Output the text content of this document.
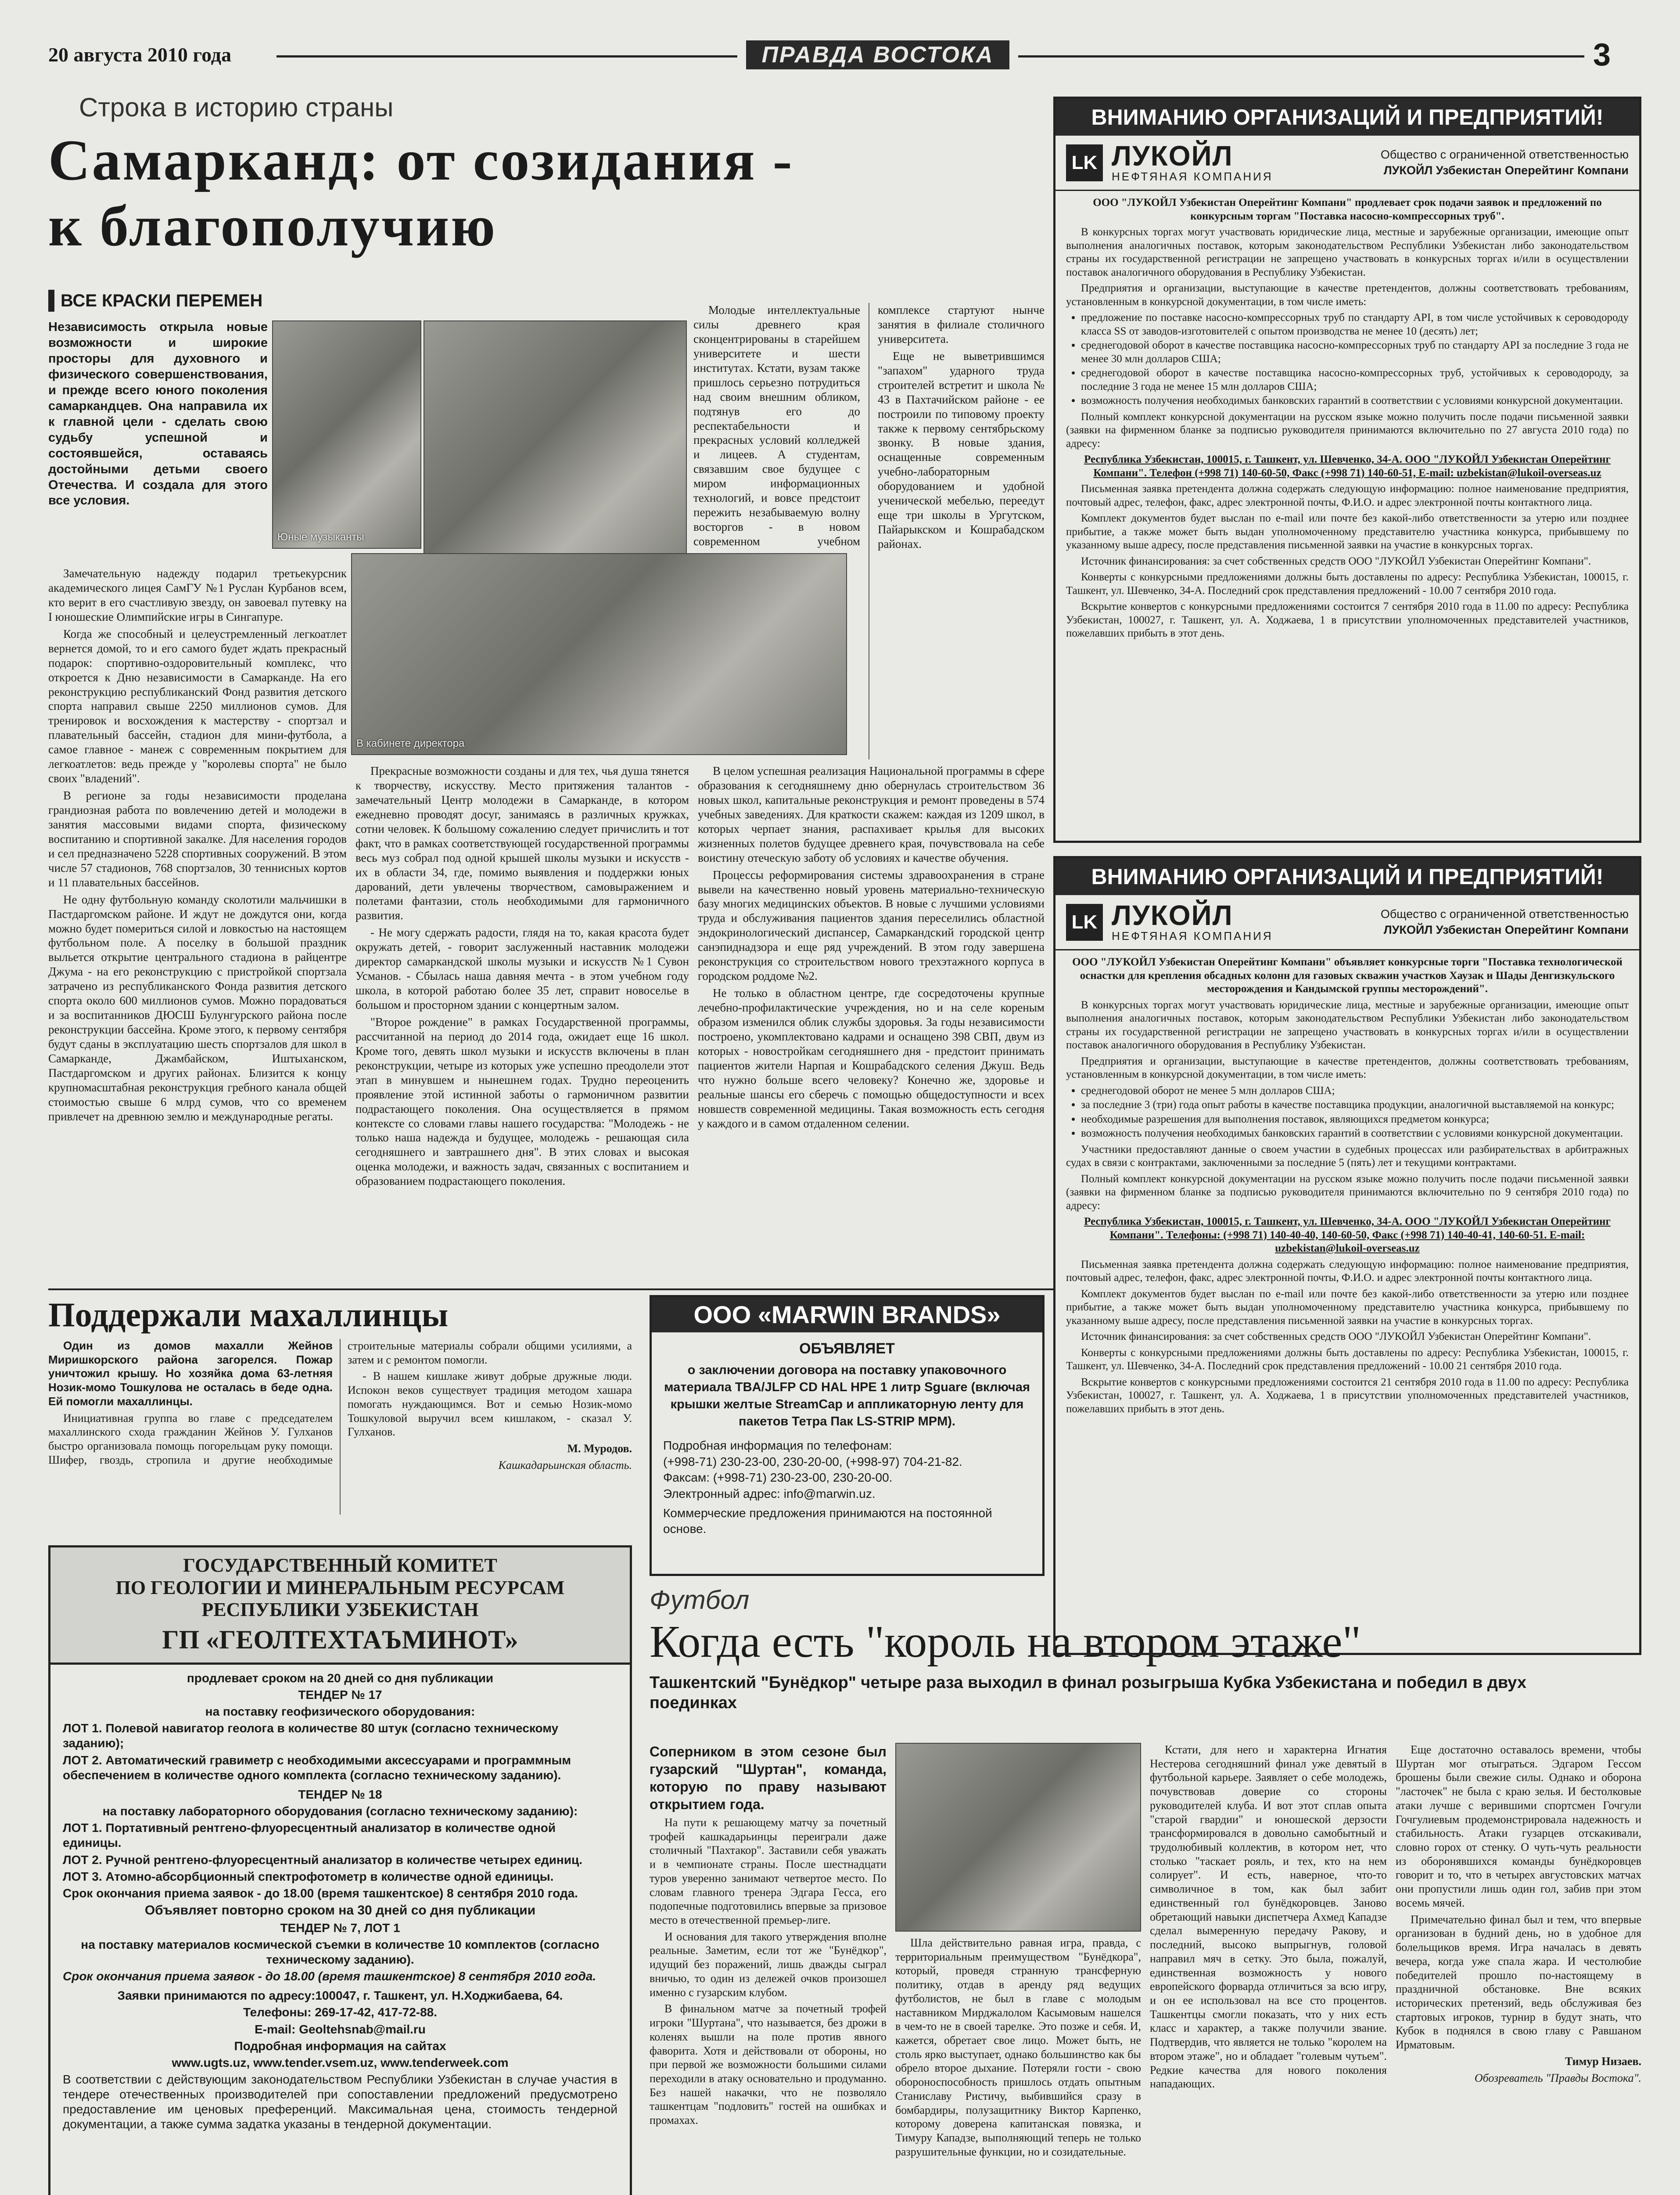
20 августа 2010 года	ПРАВДА ВОСТОКА	3
Строка в историю страны
Самарканд: от созидания -
к благополучию
ВСЕ КРАСКИ ПЕРЕМЕН
Независимость открыла новые возможности и широкие просторы для духовного и физического совершенствования, и прежде всего юного поколения самаркандцев. Она направила их к главной цели - сделать свою судьбу успешной и состоявшейся, оставаясь достойными детьми своего Отечества. И создала для этого все условия.
Юные музыканты
В кабинете директора

Молодые интеллектуальные силы древнего края сконцентрированы в старейшем университете и шести институтах. Кстати, вузам также пришлось серьезно потрудиться над своим внешним обликом, подтянув его до респектабельности и прекрасных условий колледжей и лицеев. А студентам, связавшим свое будущее с миром информационных технологий, и вовсе предстоит пережить незабываемую волну восторгов - в новом современном учебном комплексе стартуют нынче занятия в филиале столичного университета.

Еще не выветрившимся "запахом" ударного труда строителей встретит и школа № 43 в Пахтачийском районе - ее построили по типовому проекту также к первому сентябрьскому звонку. В новые здания, оснащенные современным учебно-лабораторным оборудованием и удобной ученической мебелью, переедут еще три школы в Ургутском, Пайарыкском и Кошрабадском районах.

Замечательную надежду подарил третьекурсник академического лицея СамГУ №1 Руслан Курбанов всем, кто верит в его счастливую звезду, он завоевал путевку на I юношеские Олимпийские игры в Сингапуре.

Когда же способный и целеустремленный легкоатлет вернется домой, то и его самого будет ждать прекрасный подарок: спортивно-оздоровительный комплекс, что откроется к Дню независимости в Самарканде. На его реконструкцию республиканский Фонд развития детского спорта направил свыше 2250 миллионов сумов. Для тренировок и восхождения к мастерству - спортзал и плавательный бассейн, стадион для мини-футбола, а самое главное - манеж с современным покрытием для легкоатлетов: ведь прежде у "королевы спорта" не было своих "владений".

В регионе за годы независимости проделана грандиозная работа по вовлечению детей и молодежи в занятия массовыми видами спорта, физическому воспитанию и спортивной закалке. Для населения городов и сел предназначено 5228 спортивных сооружений. В этом числе 57 стадионов, 768 спортзалов, 30 теннисных кортов и 11 плавательных бассейнов.

Не одну футбольную команду сколотили мальчишки в Пастдаргомском районе. И ждут не дождутся они, когда можно будет помериться силой и ловкостью на настоящем футбольном поле. А поселку в большой праздник выльется открытие центрального стадиона в райцентре Джума - на его реконструкцию с пристройкой спортзала затрачено из республиканского Фонда развития детского спорта около 600 миллионов сумов. Можно порадоваться и за воспитанников ДЮСШ Булунгурского района после реконструкции бассейна. Кроме этого, к первому сентября будут сданы в эксплуатацию шесть спортзалов для школ в Самаркандe, Джамбайском, Иштыханском, Пастдаргомском и других районах. Близится к концу крупномасштабная реконструкция гребного канала общей стоимостью свыше 6 млрд сумов, что со временем привлечет на древнюю землю и международные регаты.

Прекрасные возможности созданы и для тех, чья душа тянется к творчеству, искусству. Место притяжения талантов - замечательный Центр молодежи в Самарканде, в котором ежедневно проводят досуг, занимаясь в различных кружках, сотни человек. К большому сожалению следует причислить и тот факт, что в рамках соответствующей государственной программы весь муз собрал под одной крышей школы музыки и искусств - их в области 34, где, помимо выявления и поддержки юных дарований, дети увлечены творчеством, самовыражением и полетами фантазии, столь необходимыми для гармоничного развития.

- Не могу сдержать радости, глядя на то, какая красота будет окружать детей, - говорит заслуженный наставник молодежи директор самаркандской школы музыки и искусств №1 Сувон Усманов. - Сбылась наша давняя мечта - в этом учебном году школа, в которой работаю более 35 лет, справит новоселье в большом и просторном здании с концертным залом.

"Второе рождение" в рамках Государственной программы, рассчитанной на период до 2014 года, ожидает еще 16 школ. Кроме того, девять школ музыки и искусств включены в план реконструкции, четыре из которых уже успешно преодолели этот этап в минувшем и нынешнем годах. Трудно переоценить проявление этой истинной заботы о гармоничном развитии подрастающего поколения. Она осуществляется в прямом контексте со словами главы нашего государства: "Молодежь - не только наша надежда и будущее, молодежь - решающая сила сегодняшнего и завтрашнего дня". В этих словах и высокая оценка молодежи, и важность задач, связанных с воспитанием и образованием подрастающего поколения.

В целом успешная реализация Национальной программы в сфере образования к сегодняшнему дню обернулась строительством 36 новых школ, капитальные реконструкция и ремонт проведены в 574 учебных заведениях. Для краткости скажем: каждая из 1209 школ, в которых черпает знания, распахивает крылья для высоких жизненных полетов будущее древнего края, почувствовала на себе воистину отеческую заботу об условиях и качестве обучения.

Процессы реформирования системы здравоохранения в стране вывели на качественно новый уровень материально-техническую базу многих медицинских объектов. В новые с лучшими условиями труда и обслуживания пациентов здания переселились областной эндокринологический диспансер, Самаркандский городской центр санэпиднадзора и еще ряд учреждений. В этом году завершена реконструкция со строительством нового трехэтажного корпуса в городском роддоме №2.

Не только в областном центре, где сосредоточены крупные лечебно-профилактические учреждения, но и на селе кореным образом изменился облик службы здоровья. За годы независимости построено, укомплектовано кадрами и оснащено 398 СВП, двум из которых - новостройкам сегодняшнего дня - предстоит принимать пациентов жители Нарпая и Кошрабадского селения Джуш. Ведь что нужно больше всего человеку? Конечно же, здоровье и реальные шансы его сберечь с помощью общедоступности и всех новшеств современной медицины. Такая возможность есть сегодня у каждого и в самом отдаленном селении.

Поддержали махаллинцы

Один из домов махалли Жейнов Миришкорского района загорелся. Пожар уничтожил крышу. Но хозяйка дома 63-летняя Нозик-момо Тошкулова не осталась в беде одна. Ей помогли махаллинцы.

Инициативная группа во главе с председателем махаллинского схода гражданин Жейнов У. Гулханов быстро организовала помощь погорельцам руку помощи. Шифер, гвоздь, стропила и другие необходимые строительные материалы собрали общими усилиями, а затем и с ремонтом помогли.

- В нашем кишлаке живут добрые дружные люди. Испокон веков существует традиция методом хашара помогать нуждающимся. Вот и семью Нозик-момо Тошкуловой выручил всем кишлаком, - сказал У. Гулханов.

М. Муродов.

Кашкадарьинская область.

ООО «MARWIN BRANDS»
ОБЪЯВЛЯЕТ
о заключении договора на поставку упаковочного материала TBA/JLFP CD HAL HPE 1 литр Sguare (включая крышки желтые StreamCap и аппликаторную ленту для пакетов Тетра Пак LS-STRIP MPM).
Подробная информация по телефонам:
(+998-71) 230-23-00, 230-20-00, (+998-97) 704-21-82.
Факсам: (+998-71) 230-23-00, 230-20-00.
Электронный адрес: info@marwin.uz.
Коммерческие предложения принимаются на постоянной основе.
ГОСУДАРСТВЕННЫЙ КОМИТЕТ
ПО ГЕОЛОГИИ И МИНЕРАЛЬНЫМ РЕСУРСАМ
РЕСПУБЛИКИ УЗБЕКИСТАН
ГП «ГЕОЛТЕХТАЪМИНОТ»

продлевает сроком на 20 дней со дня публикации

ТЕНДЕР № 17

на поставку геофизического оборудования:

ЛОТ 1. Полевой навигатор геолога в количестве 80 штук (согласно техническому заданию);

ЛОТ 2. Автоматический гравиметр с необходимыми аксессуарами и программным обеспечением в количестве одного комплекта (согласно техническому заданию).

ТЕНДЕР № 18

на поставку лабораторного оборудования (согласно техническому заданию):

ЛОТ 1. Портативный рентгено-флуоресцентный анализатор в количестве одной единицы.

ЛОТ 2. Ручной рентгено-флуоресцентный анализатор в количестве четырех единиц.

ЛОТ 3. Атомно-абсорбционный спектрофотометр в количестве одной единицы.

Срок окончания приема заявок - до 18.00 (время ташкентское) 8 сентября 2010 года.

Объявляет повторно сроком на 30 дней со дня публикации

ТЕНДЕР № 7, ЛОТ 1

на поставку материалов космической съемки в количестве 10 комплектов (согласно техническому заданию).

Срок окончания приема заявок - до 18.00 (время ташкентское) 8 сентября 2010 года.

Заявки принимаются по адресу:100047, г. Ташкент, ул. Н.Ходжибаева, 64.

Телефоны: 269-17-42, 417-72-88.

E-mail: Geoltehsnab@mail.ru

Подробная информация на сайтах

www.ugts.uz, www.tender.vsem.uz, www.tenderweek.com

В соответствии с действующим законодательством Республики Узбекистан в случае участия в тендере отечественных производителей при сопоставлении предложений предусмотрено предоставление им ценовых преференций. Максимальная цена, стоимость тендерной документации, а также сумма задатка указаны в тендерной документации.

Футбол
Когда есть "король на втором этаже"
Ташкентский "Бунёдкор" четыре раза выходил в финал розыгрыша Кубка Узбекистана и победил в двух поединках

Соперником в этом сезоне был гузарский "Шуртан", команда, которую по праву называют открытием года.

На пути к решающему матчу за почетный трофей кашкадарьинцы переиграли даже столичный "Пахтакор". Заставили себя уважать и в чемпионате страны. После шестнадцати туров уверенно занимают четвертое место. По словам главного тренера Эдгара Гесса, его подопечные подготовились впервые за призовое место в отечественной премьер-лиге.

И основания для такого утверждения вполне реальные. Заметим, если тот же "Бунёдкор", идущий без поражений, лишь дважды сыграл вничью, то один из дележей очков произошел именно с гузарским клубом.

В финальном матче за почетный трофей игроки "Шуртана", что называется, без дрожи в коленях вышли на поле против явного фаворита. Хотя и действовали от обороны, но при первой же возможности большими силами переходили в атаку основательно и продуманно. Без нашей накачки, что не позволяло ташкентцам "подловить" гостей на ошибках и промахах.

Шла действительно равная игра, правда, с территориальным преимуществом "Бунёдкора", который, проведя странную трансферную политику, отдав в аренду ряд ведущих футболистов, не был в главе с молодым наставником Мирджалолом Касымовым нашелся в чем-то не в своей тарелке. Это позже и себя. И, кажется, обретает свое лицо. Может быть, не столь ярко выступает, однако большинство как бы обрело второе дыхание. Потеряли гости - свою обороноспособность пришлось отдать опытным Станиславу Ристичу, выбившийся сразу в бомбардиры, полузащитнику Виктор Карпенко, которому доверена капитанская повязка, и Тимуру Кападзе, выполняющий теперь не только разрушительные функции, но и созидательные.

Кстати, для него и характерна Игнатия Нестерова сегодняшний финал уже девятый в футбольной карьере. Заявляет о себе молодежь, почувствовав доверие со стороны руководителей клуба. И вот этот сплав опыта "старой гвардии" и юношеской дерзости трансформировался в довольно самобытный и трудолюбивый коллектив, в котором нет, что столько "таскает рояль, и тех, кто на нем солирует". И есть, наверное, что-то символичное в том, как был забит единственный гол бунёдкоровцев. Заново обретающий навыки диспетчера Ахмед Кападзе сделал вымеренную передачу Ракову, и последний, высоко выпрыгнув, головой направил мяч в сетку. Это была, пожалуй, единственная возможность у нового европейского форварда отличиться за всю игру, и он ее использовал на все сто процентов. Ташкентцы смогли показать, что у них есть класс и характер, а также получили звание. Подтвердив, что является не только "королем на втором этаже", но и обладает "голевым чутьем". Редкие качества для нового поколения нападающих.

Еще достаточно оставалось времени, чтобы Шуртан мог отыграться. Эдгаром Гессом брошены были свежие силы. Однако и оборона "ласточек" не была с краю зелья. И бестолковые атаки лучше с верившими спортсмен Гочгули Гочгулиевым продемонстрировала надежность и стабильность. Атаки гузарцев отскакивали, словно горох от стенку. О чуть-чуть реальности из оборонявшихся команды бунёдкоровцев говорит и то, что в четырех августовских матчах они пропустили лишь один гол, забив при этом восемь мячей.

Примечательно финал был и тем, что впервые организован в будний день, но в удобное для болельщиков время. Игра началась в девять вечера, когда уже спала жара. И честолюбие победителей прошло по-настоящему в праздничной обстановке. Вне всяких исторических претензий, ведь обслуживая без стартовых игроков, турнир в будут знать, что Кубок в поднялся в свою главу с Равшаном Ирматовым.

Тимур Низаев.

Обозреватель "Правды Востока".

ВНИМАНИЮ ОРГАНИЗАЦИЙ И ПРЕДПРИЯТИЙ!
LK ЛУКОЙЛ
НЕФТЯНАЯ КОМПАНИЯ
Общество с ограниченной ответственностью
ЛУКОЙЛ Узбекистан Оперейтинг Компани

ООО "ЛУКОЙЛ Узбекистан Оперейтинг Компани" продлевает срок подачи заявок и предложений по конкурсным торгам "Поставка насосно-компрессорных труб".

В конкурсных торгах могут участвовать юридические лица, местные и зарубежные организации, имеющие опыт выполнения аналогичных поставок, которым законодательством Республики Узбекистан либо законодательством страны их государственной регистрации не запрещено участвовать в конкурсных торгах и/или в осуществлении поставок аналогичного оборудования в Республику Узбекистан.

Предприятия и организации, выступающие в качестве претендентов, должны соответствовать требованиям, установленным в конкурсной документации, в том числе иметь:

• предложение по поставке насосно-компрессорных труб по стандарту API, в том числе устойчивых к сероводороду класса SS от заводов-изготовителей с опытом производства не менее 10 (десять) лет;
• среднегодовой оборот в качестве поставщика насосно-компрессорных труб по стандарту API за последние 3 года не менее 30 млн долларов США;
• среднегодовой оборот в качестве поставщика насосно-компрессорных труб, устойчивых к сероводороду, за последние 3 года не менее 15 млн долларов США;
• возможность получения необходимых банковских гарантий в соответствии с условиями конкурсной документации.

Полный комплект конкурсной документации на русском языке можно получить после подачи письменной заявки (заявки на фирменном бланке за подписью руководителя принимаются включительно по 27 августа 2010 года) по адресу:

Республика Узбекистан, 100015, г. Ташкент, ул. Шевченко, 34-А. ООО "ЛУКОЙЛ Узбекистан Оперейтинг Компани". Телефон (+998 71) 140-60-50, Факс (+998 71) 140-60-51, E-mail: uzbekistan@lukoil-overseas.uz

Письменная заявка претендента должна содержать следующую информацию: полное наименование предприятия, почтовый адрес, телефон, факс, адрес электронной почты, Ф.И.О. и адрес электронной почты контактного лица.

Комплект документов будет выслан по e-mail или почте без какой-либо ответственности за утерю или позднее прибытие, а также может быть выдан уполномоченному представителю участника конкурса, прибывшему по указанному выше адресу, после представления письменной заявки на участие в конкурсных торгах.

Источник финансирования: за счет собственных средств ООО "ЛУКОЙЛ Узбекистан Оперейтинг Компани".

Конверты с конкурсными предложениями должны быть доставлены по адресу: Республика Узбекистан, 100015, г. Ташкент, ул. Шевченко, 34-А. Последний срок представления предложений - 10.00 7 сентября 2010 года.

Вскрытие конвертов с конкурсными предложениями состоится 7 сентября 2010 года в 11.00 по адресу: Республика Узбекистан, 100027, г. Ташкент, ул. А. Ходжаева, 1 в присутствии уполномоченных представителей участников, пожелавших прибыть в этот день.

ВНИМАНИЮ ОРГАНИЗАЦИЙ И ПРЕДПРИЯТИЙ!
LK ЛУКОЙЛ
НЕФТЯНАЯ КОМПАНИЯ
Общество с ограниченной ответственностью
ЛУКОЙЛ Узбекистан Оперейтинг Компани

ООО "ЛУКОЙЛ Узбекистан Оперейтинг Компани" объявляет конкурсные торги "Поставка технологической оснастки для крепления обсадных колонн для газовых скважин участков Хаузак и Шады Денгизкульского месторождения и Кандымской группы месторождений".

В конкурсных торгах могут участвовать юридические лица, местные и зарубежные организации, имеющие опыт выполнения аналогичных поставок, которым законодательством Республики Узбекистан либо законодательством страны их государственной регистрации не запрещено участвовать в конкурсных торгах и/или в осуществлении поставок аналогичного оборудования в Республику Узбекистан.

Предприятия и организации, выступающие в качестве претендентов, должны соответствовать требованиям, установленным в конкурсной документации, в том числе иметь:

• среднегодовой оборот не менее 5 млн долларов США;
• за последние 3 (три) года опыт работы в качестве поставщика продукции, аналогичной выставляемой на конкурс;
• необходимые разрешения для выполнения поставок, являющихся предметом конкурса;
• возможность получения необходимых банковских гарантий в соответствии с условиями конкурсной документации.

Участники предоставляют данные о своем участии в судебных процессах или разбирательствах в арбитражных судах в связи с контрактами, заключенными за последние 5 (пять) лет и текущими контрактами.

Полный комплект конкурсной документации на русском языке можно получить после подачи письменной заявки (заявки на фирменном бланке за подписью руководителя принимаются включительно по 9 сентября 2010 года) по адресу:

Республика Узбекистан, 100015, г. Ташкент, ул. Шевченко, 34-А. ООО "ЛУКОЙЛ Узбекистан Оперейтинг Компани". Телефоны: (+998 71) 140-40-40, 140-60-50, Факс (+998 71) 140-40-41, 140-60-51. E-mail: uzbekistan@lukoil-overseas.uz

Письменная заявка претендента должна содержать следующую информацию: полное наименование предприятия, почтовый адрес, телефон, факс, адрес электронной почты, Ф.И.О. и адрес электронной почты контактного лица.

Комплект документов будет выслан по e-mail или почте без какой-либо ответственности за утерю или позднее прибытие, а также может быть выдан уполномоченному представителю участника конкурса, прибывшему по указанному выше адресу, после представления письменной заявки на участие в конкурсных торгах.

Источник финансирования: за счет собственных средств ООО "ЛУКОЙЛ Узбекистан Оперейтинг Компани".

Конверты с конкурсными предложениями должны быть доставлены по адресу: Республика Узбекистан, 100015, г. Ташкент, ул. Шевченко, 34-А. Последний срок представления предложений - 10.00 21 сентября 2010 года.

Вскрытие конвертов с конкурсными предложениями состоится 21 сентября 2010 года в 11.00 по адресу: Республика Узбекистан, 100027, г. Ташкент, ул. А. Ходжаева, 1 в присутствии уполномоченных представителей участников, пожелавших прибыть в этот день.
